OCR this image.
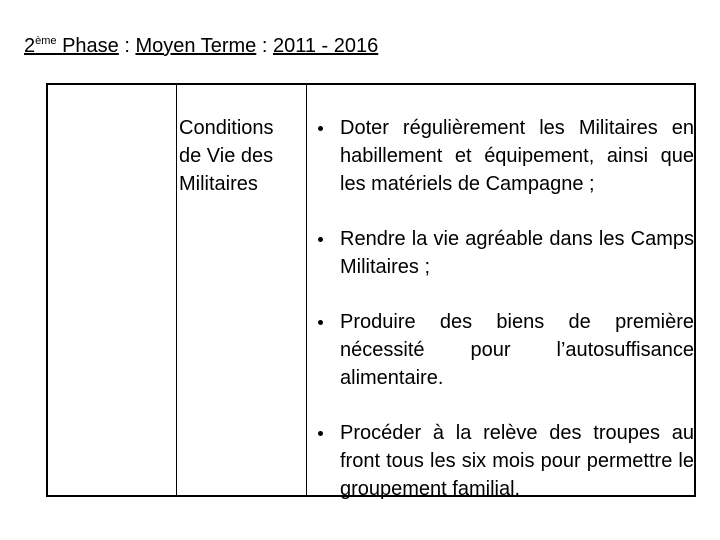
2ème Phase : Moyen Terme : 2011 - 2016
Conditions
de Vie des
Militaires
Doter régulièrement les Militaires en habillement et équipement, ainsi que les matériels de Campagne ;
Rendre la vie agréable dans les Camps Militaires ;
Produire des biens de première nécessité pour l’autosuffisance alimentaire.
Procéder à la relève des troupes au front tous les six mois pour permettre le groupement familial.
